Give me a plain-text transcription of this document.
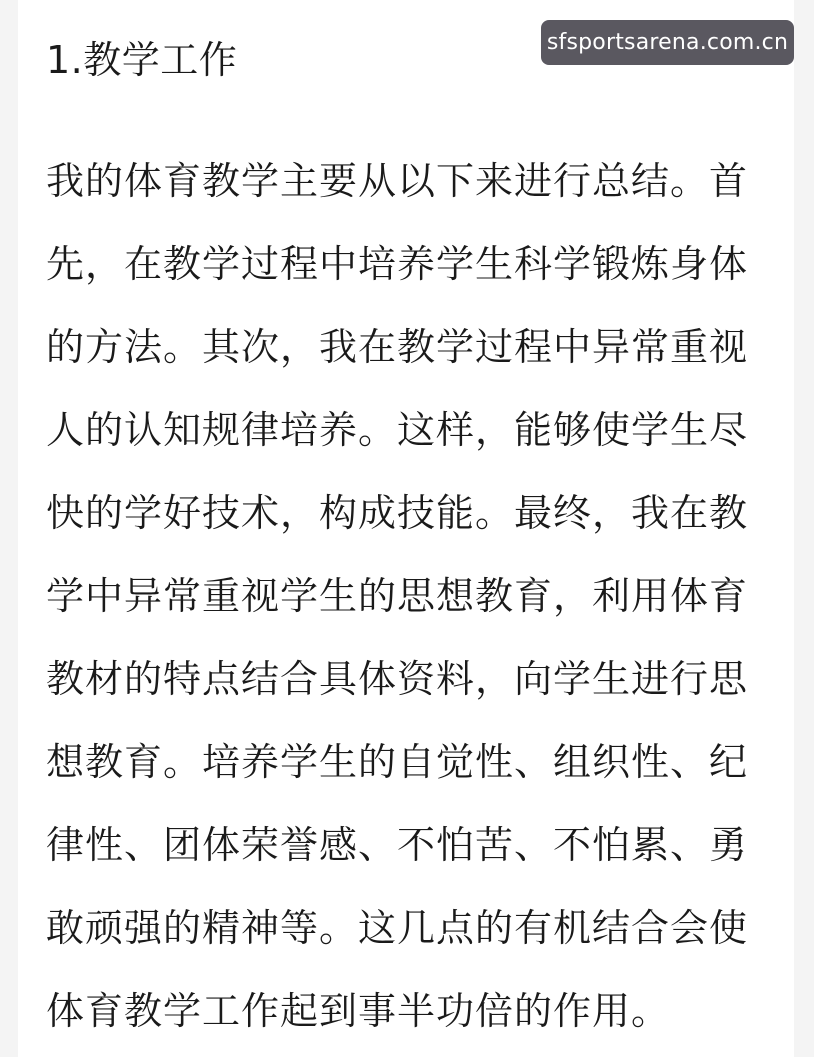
1.教学工作	sfsportsarena.com.cn
我的体育教学主要从以下来进行总结。首
先，在教学过程中培养学生科学锻炼身体
的方法。其次，我在教学过程中异常重视
人的认知规律培养。这样，能够使学生尽
快的学好技术，构成技能。最终，我在教
学中异常重视学生的思想教育，利用体育
教材的特点结合具体资料，向学生进行思
想教育。培养学生的自觉性、组织性、纪
律性、团体荣誉感、不怕苦、不怕累、勇
敢顽强的精神等。这几点的有机结合会使
体育教学工作起到事半功倍的作用。
